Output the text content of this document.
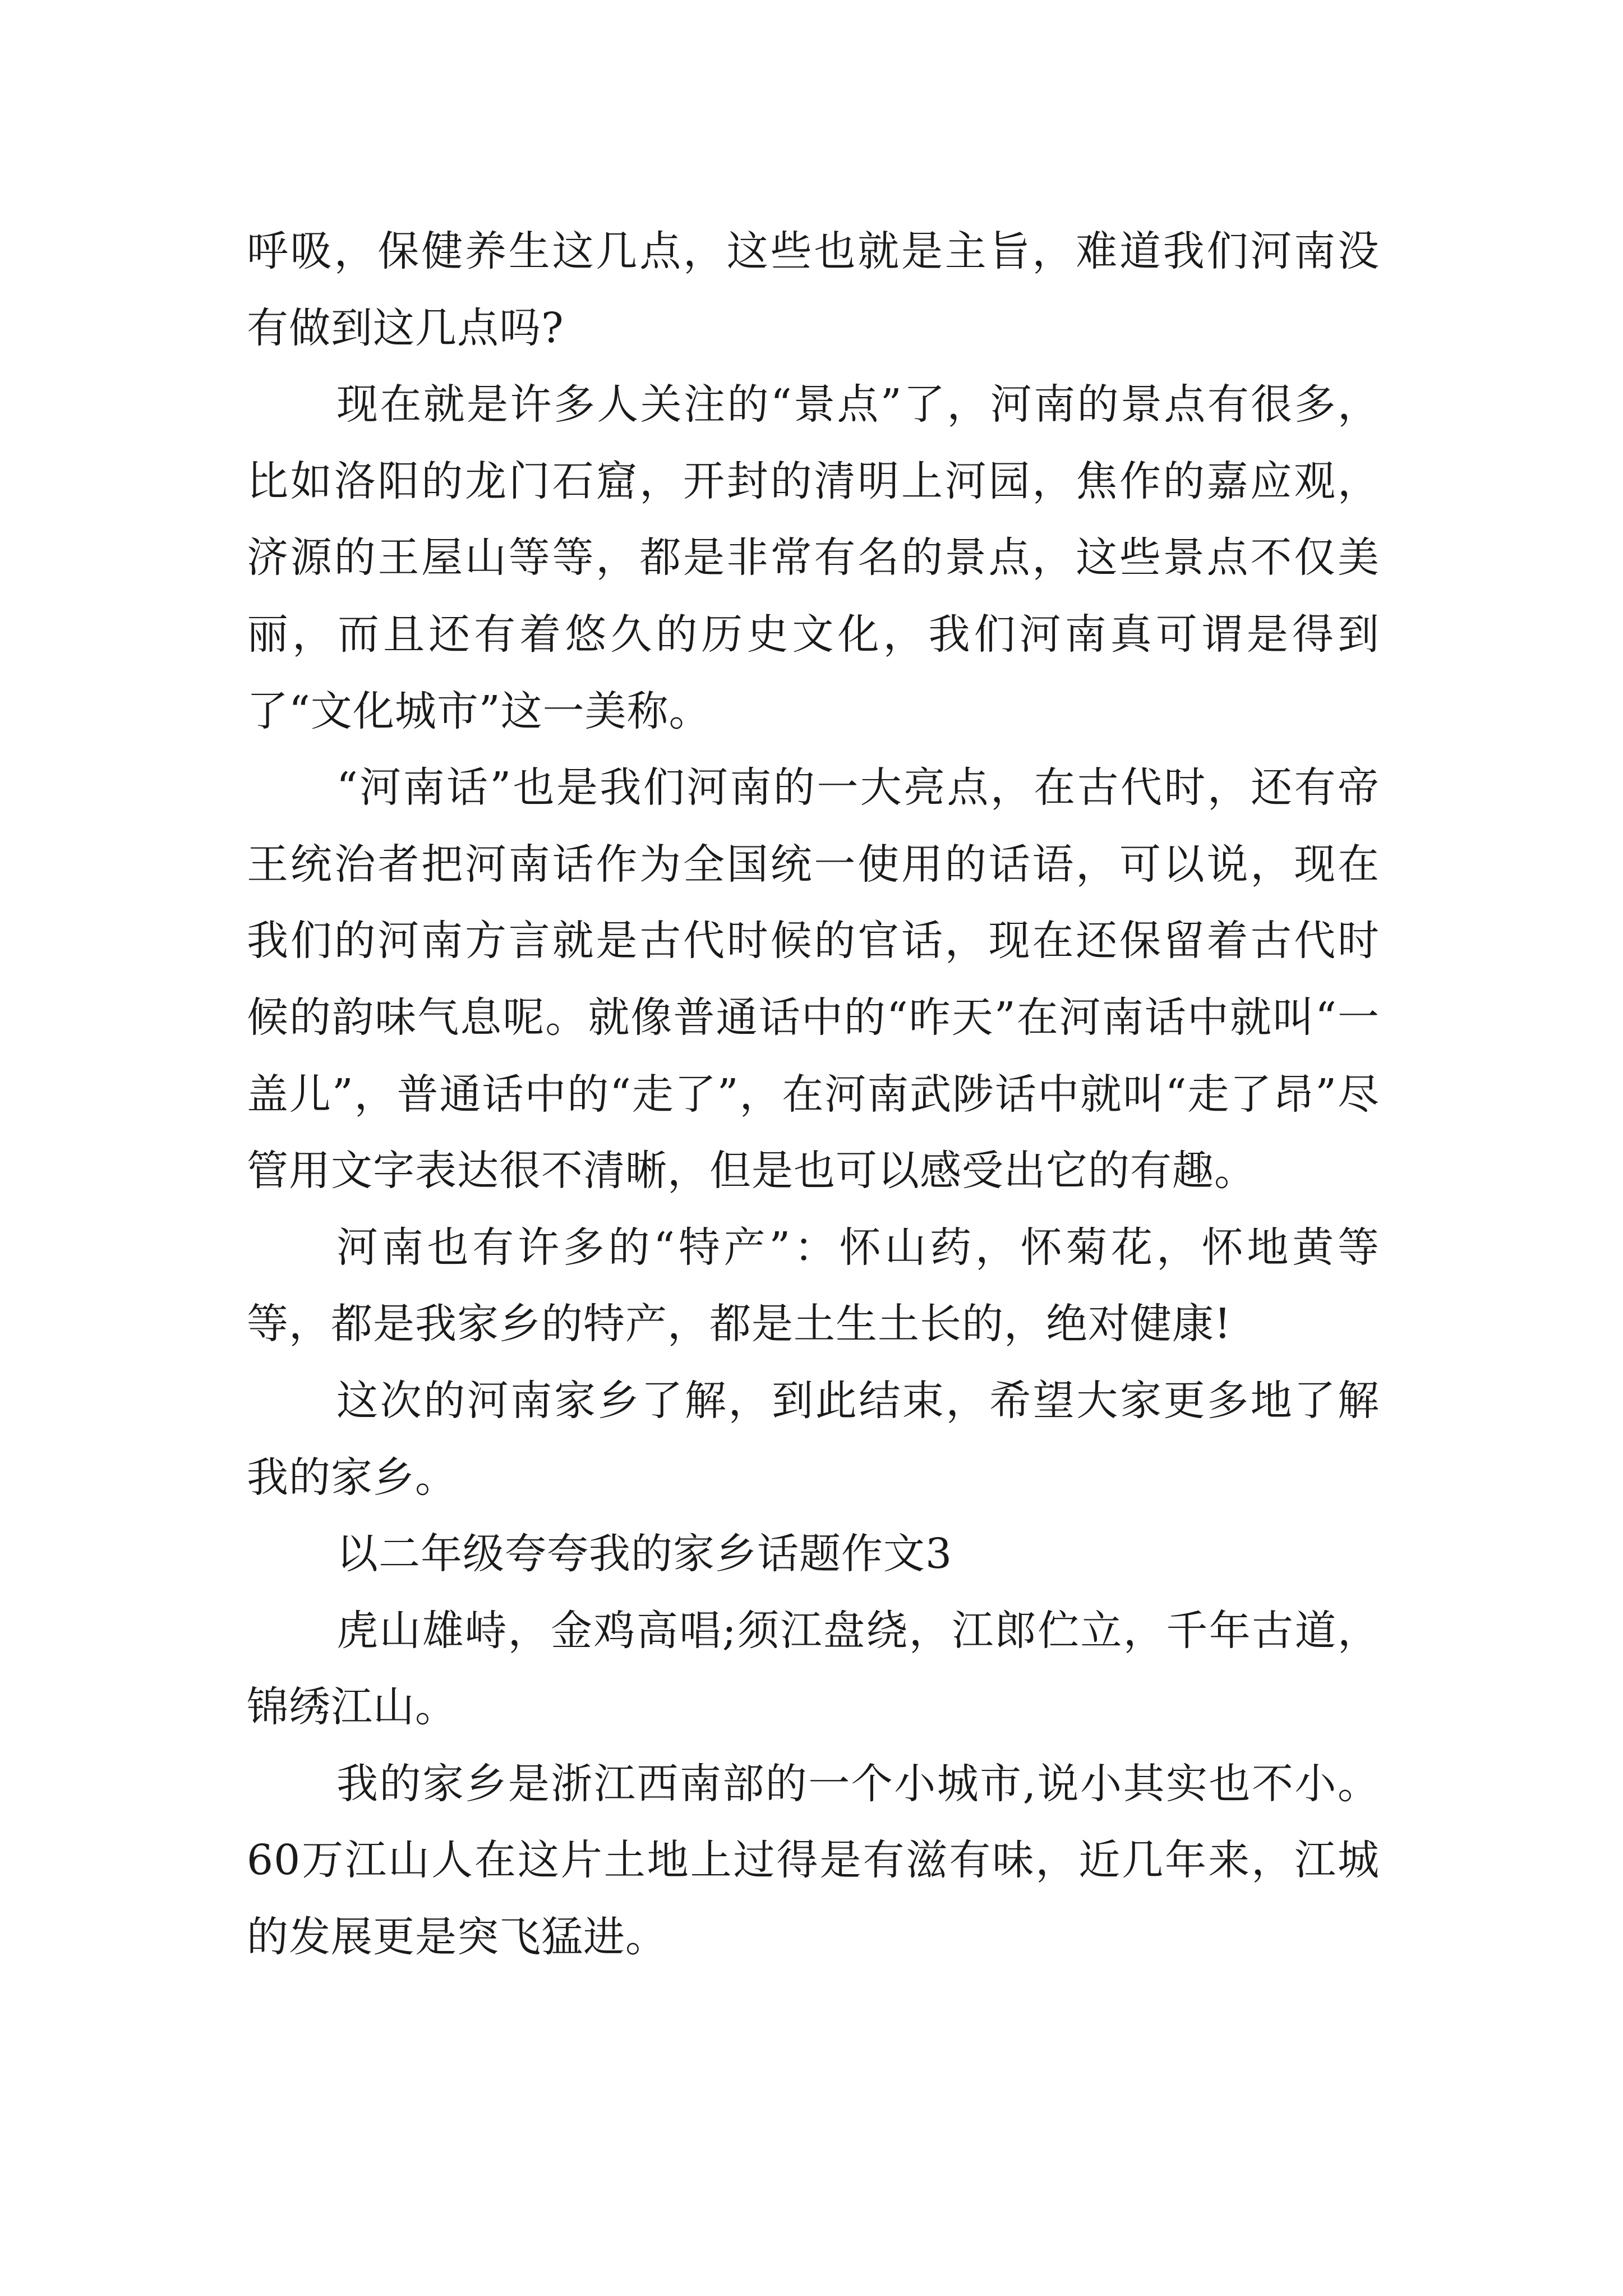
呼吸，保健养生这几点，这些也就是主旨，难道我们河南没有做到这几点吗?

现在就是许多人关注的“景点”了，河南的景点有很多，比如洛阳的龙门石窟，开封的清明上河园，焦作的嘉应观，济源的王屋山等等，都是非常有名的景点，这些景点不仅美丽，而且还有着悠久的历史文化，我们河南真可谓是得到了“文化城市”这一美称。

“河南话”也是我们河南的一大亮点，在古代时，还有帝王统治者把河南话作为全国统一使用的话语，可以说，现在我们的河南方言就是古代时候的官话，现在还保留着古代时候的韵味气息呢。就像普通话中的“昨天”在河南话中就叫“一盖儿”，普通话中的“走了”，在河南武陟话中就叫“走了昂”尽管用文字表达很不清晰，但是也可以感受出它的有趣。

河南也有许多的“特产”：怀山药，怀菊花，怀地黄等等，都是我家乡的特产，都是土生土长的，绝对健康!

这次的河南家乡了解，到此结束，希望大家更多地了解我的家乡。

以二年级夸夸我的家乡话题作文3

虎山雄峙，金鸡高唱;须江盘绕，江郎伫立，千年古道，锦绣江山。

我的家乡是浙江西南部的一个小城市,说小其实也不小。60万江山人在这片土地上过得是有滋有味，近几年来，江城的发展更是突飞猛进。
